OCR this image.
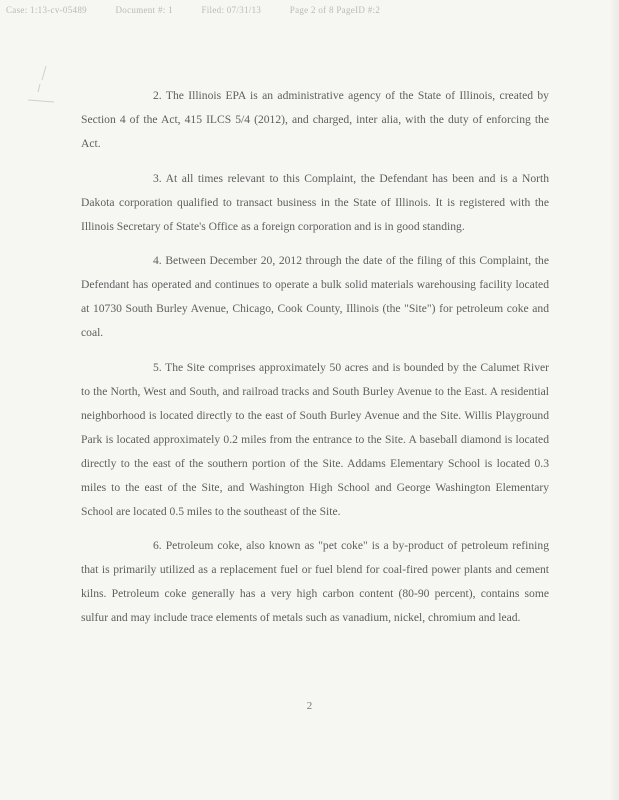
Case: 1:13-cv-05489	Document #: 1	Filed: 07/31/13	Page 2 of 8 PageID #:2

2. The Illinois EPA is an administrative agency of the State of Illinois, created by Section 4 of the Act, 415 ILCS 5/4 (2012), and charged, inter alia, with the duty of enforcing the Act.

3. At all times relevant to this Complaint, the Defendant has been and is a North Dakota corporation qualified to transact business in the State of Illinois. It is registered with the Illinois Secretary of State's Office as a foreign corporation and is in good standing.

4. Between December 20, 2012 through the date of the filing of this Complaint, the Defendant has operated and continues to operate a bulk solid materials warehousing facility located at 10730 South Burley Avenue, Chicago, Cook County, Illinois (the "Site") for petroleum coke and coal.

5. The Site comprises approximately 50 acres and is bounded by the Calumet River to the North, West and South, and railroad tracks and South Burley Avenue to the East. A residential neighborhood is located directly to the east of South Burley Avenue and the Site. Willis Playground Park is located approximately 0.2 miles from the entrance to the Site. A baseball diamond is located directly to the east of the southern portion of the Site. Addams Elementary School is located 0.3 miles to the east of the Site, and Washington High School and George Washington Elementary School are located 0.5 miles to the southeast of the Site.

6. Petroleum coke, also known as "pet coke" is a by-product of petroleum refining that is primarily utilized as a replacement fuel or fuel blend for coal-fired power plants and cement kilns. Petroleum coke generally has a very high carbon content (80-90 percent), contains some sulfur and may include trace elements of metals such as vanadium, nickel, chromium and lead.

2
